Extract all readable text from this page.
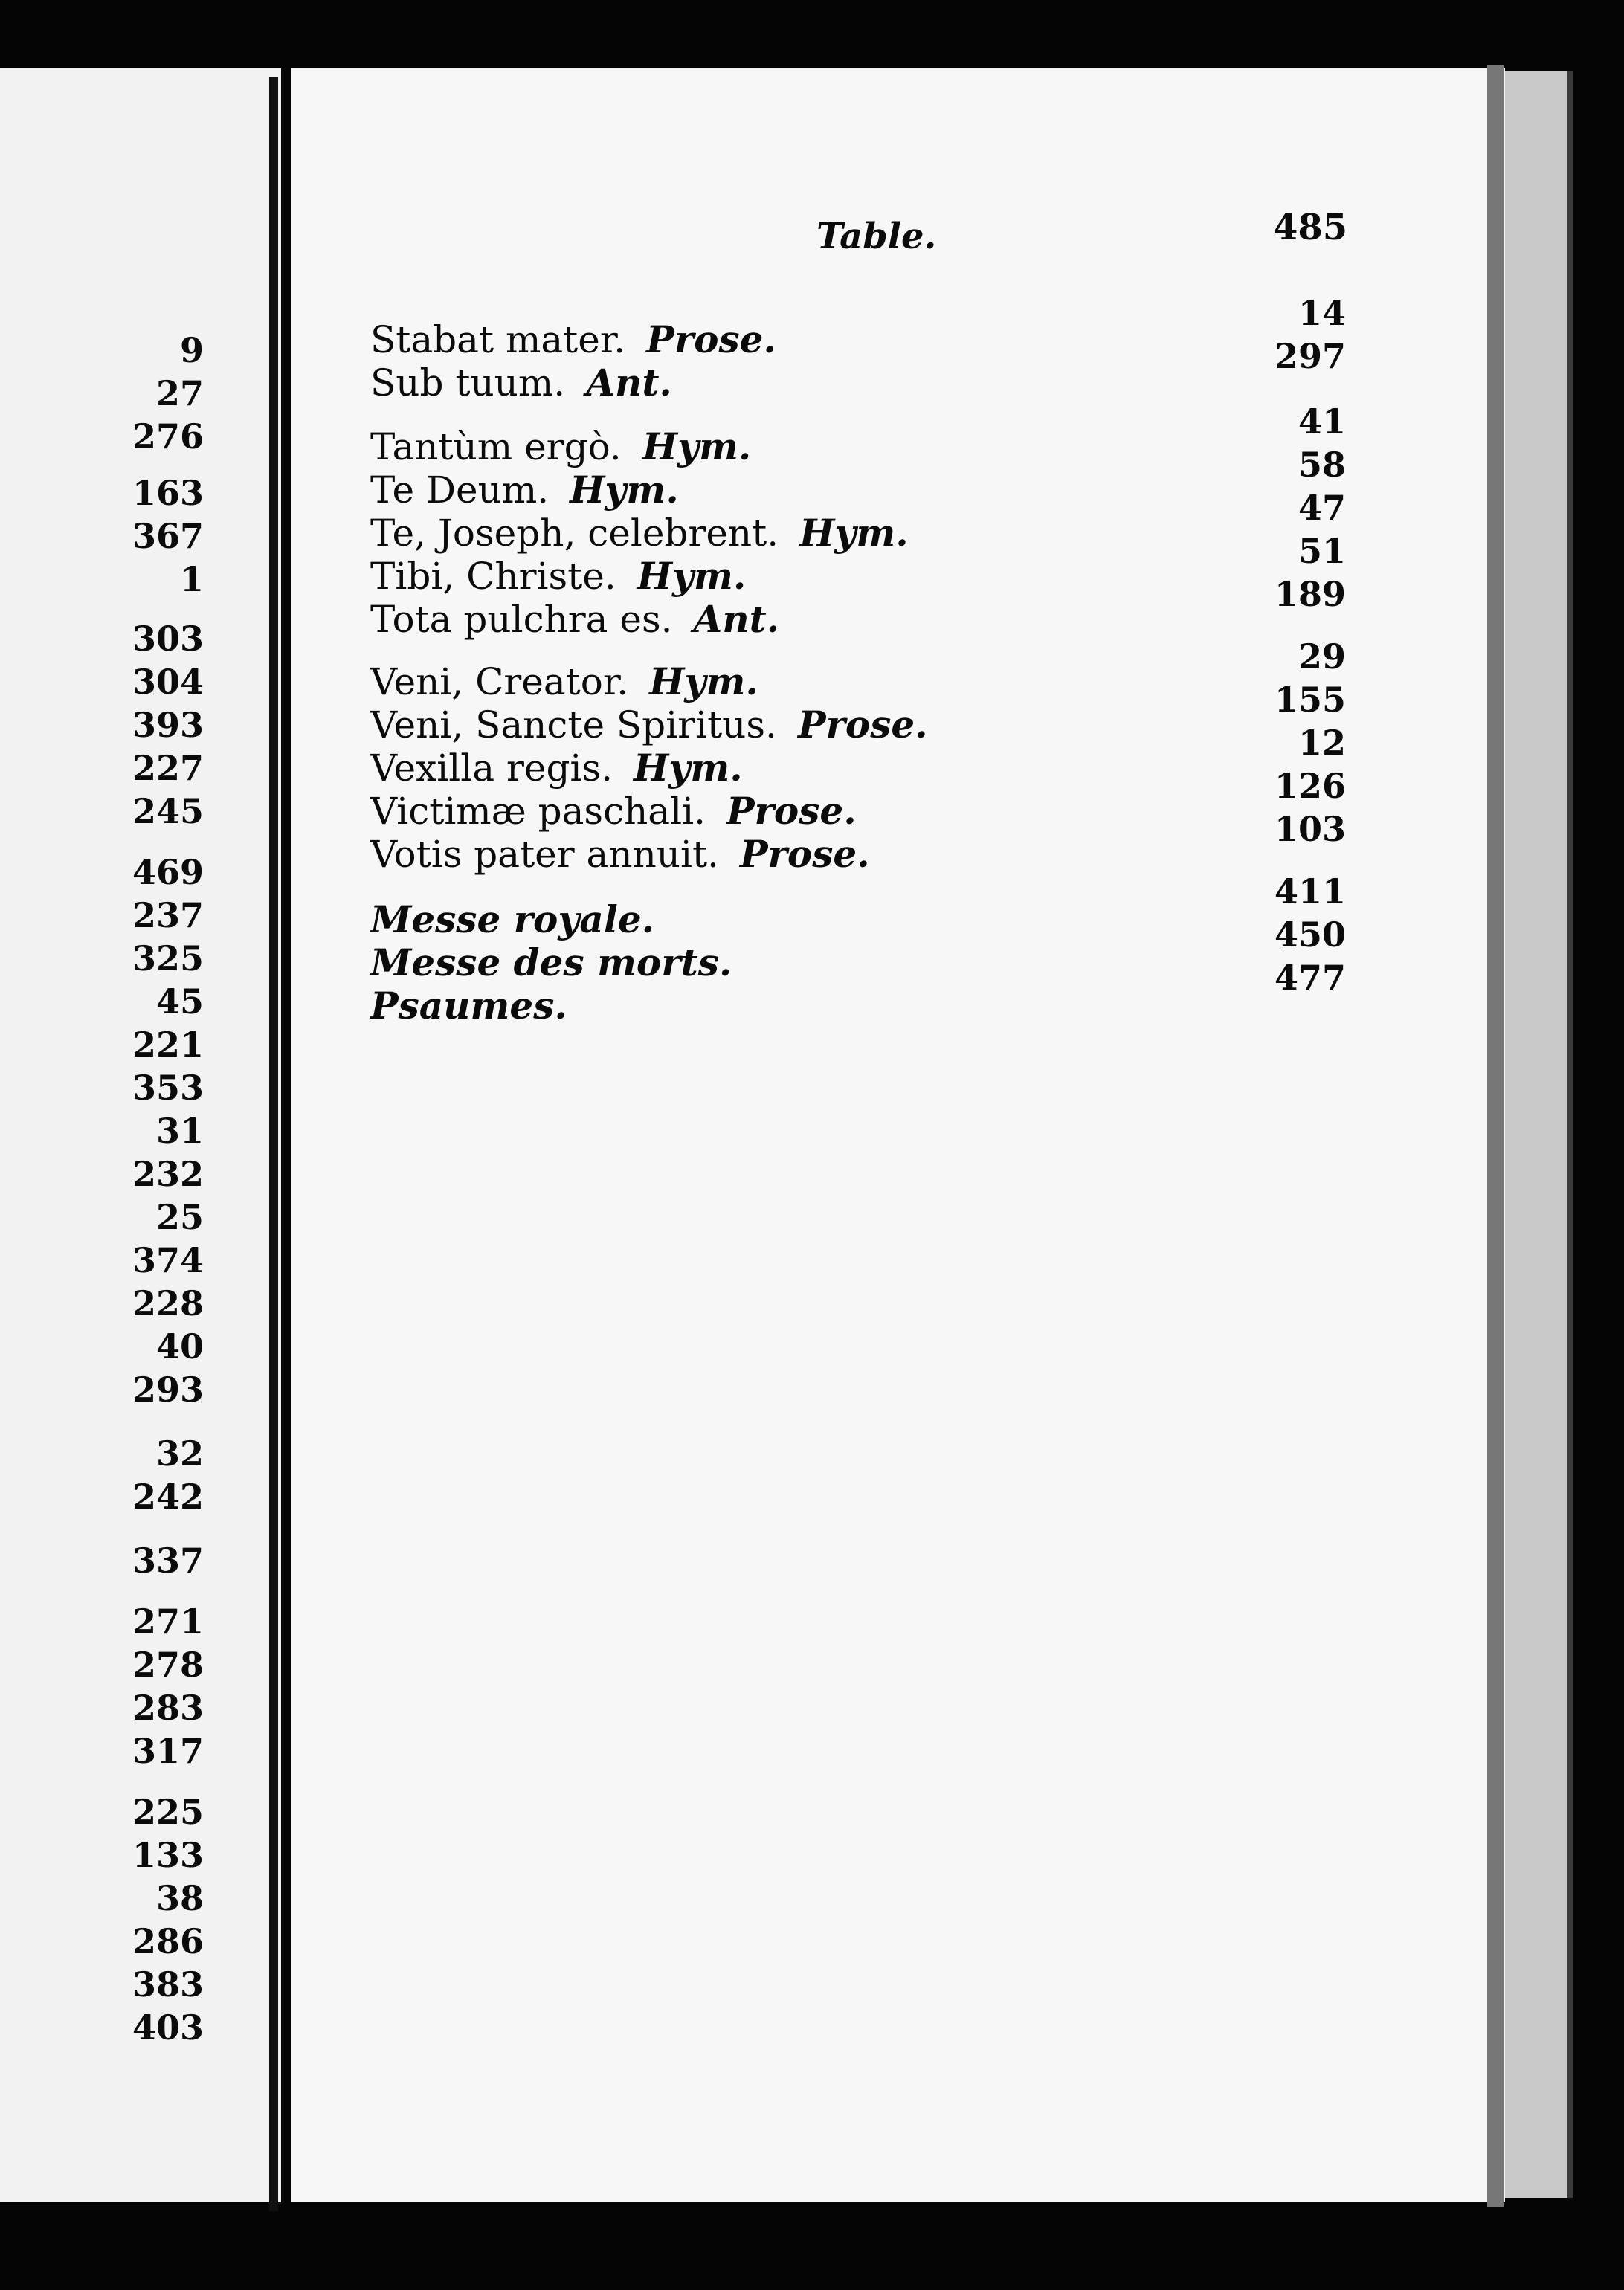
9
27
276
163
367
1
303
304
393
227
245
469
237
325
45
221
353
31
232
25
374
228
40
293
32
242
337
271
278
283
317
225
133
38
286
383
403
Table.	485
Stabat mater. Prose.
Sub tuum. Ant.
Tantùm ergò. Hym.
Te Deum. Hym.
Te, Joseph, celebrent. Hym.
Tibi, Christe. Hym.
Tota pulchra es. Ant.
Veni, Creator. Hym.
Veni, Sancte Spiritus. Prose.
Vexilla regis. Hym.
Victimæ paschali. Prose.
Votis pater annuit. Prose.
Messe royale.
Messe des morts.
Psaumes.
14
297
41
58
47
51
189
29
155
12
126
103
411
450
477
